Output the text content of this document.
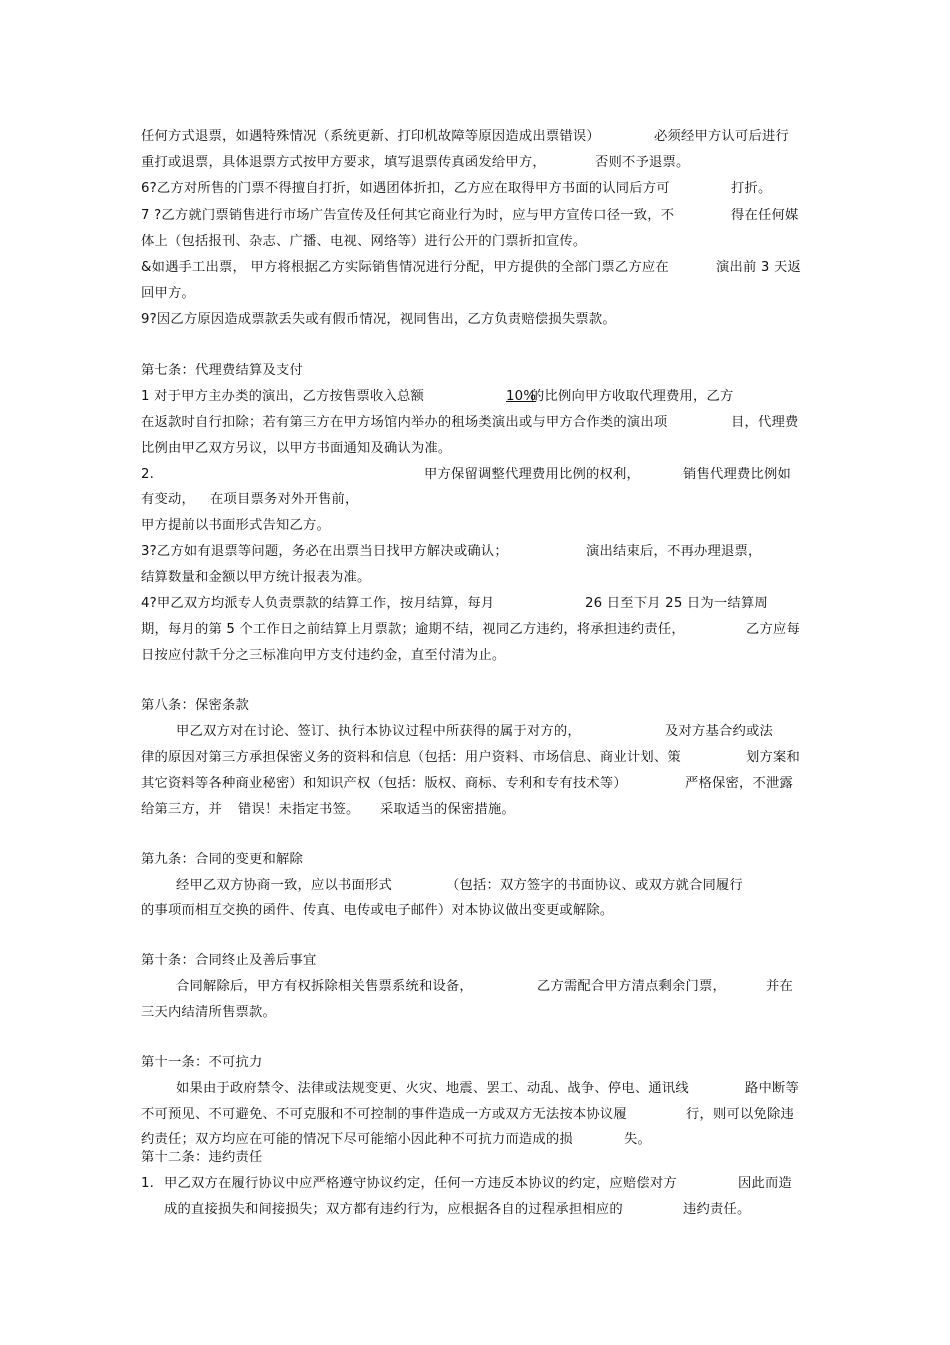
任何方式退票，如遇特殊情况（系统更新、打印机故障等原因造成出票错误）	必须经甲方认可后进行
重打或退票，具体退票方式按甲方要求，填写退票传真函发给甲方，	否则不予退票。
6?乙方对所售的门票不得擅自打折，如遇团体折扣，乙方应在取得甲方书面的认同后方可	打折。
7 ?乙方就门票销售进行市场广告宣传及任何其它商业行为时，应与甲方宣传口径一致，不	得在任何媒
体上（包括报刊、杂志、广播、电视、网络等）进行公开的门票折扣宣传。
&如遇手工出票， 甲方将根据乙方实际销售情况进行分配，甲方提供的全部门票乙方应在	演出前 3 天返
回甲方。
9?因乙方原因造成票款丢失或有假币情况，视同售出，乙方负责赔偿损失票款。
第七条：代理费结算及支付
1 对于甲方主办类的演出，乙方按售票收入总额	10%
的比例向甲方收取代理费用，乙方
在返款时自行扣除；若有第三方在甲方场馆内举办的租场类演出或与甲方合作类的演出项	目，代理费
比例由甲乙双方另议，以甲方书面通知及确认为准。
2.	甲方保留调整代理费用比例的权利，	销售代理费比例如
有变动， 在项目票务对外开售前，
甲方提前以书面形式告知乙方。
3?乙方如有退票等问题，务必在出票当日找甲方解决或确认；	演出结束后，不再办理退票，
结算数量和金额以甲方统计报表为准。
4?甲乙双方均派专人负责票款的结算工作，按月结算，每月	26 日至下月 25 日为一结算周
期，每月的第 5 个工作日之前结算上月票款；逾期不结，视同乙方违约，将承担违约责任，	乙方应每
日按应付款千分之三标准向甲方支付违约金，直至付清为止。
第八条：保密条款
甲乙双方对在讨论、签订、执行本协议过程中所获得的属于对方的，	及对方基合约或法
律的原因对第三方承担保密义务的资料和信息（包括：用户资料、市场信息、商业计划、策	划方案和
其它资料等各种商业秘密）和知识产权（包括：版权、商标、专利和专有技术等）	严格保密，不泄露
给第三方，并 错误！未指定书签。 采取适当的保密措施。
第九条：合同的变更和解除
经甲乙双方协商一致，应以书面形式	（包括：双方签字的书面协议、或双方就合同履行
的事项而相互交换的函件、传真、电传或电子邮件）对本协议做出变更或解除。
第十条：合同终止及善后事宜
合同解除后，甲方有权拆除相关售票系统和设备，	乙方需配合甲方清点剩余门票，	并在
三天内结清所售票款。
第十一条：不可抗力
如果由于政府禁令、法律或法规变更、火灾、地震、罢工、动乱、战争、停电、通讯线	路中断等
不可预见、不可避免、不可克服和不可控制的事件造成一方或双方无法按本协议履	行，则可以免除违
约责任；双方均应在可能的情况下尽可能缩小因此种不可抗力而造成的损	失。
第十二条：违约责任
1. 甲乙双方在履行协议中应严格遵守协议约定，任何一方违反本协议的约定，应赔偿对方	因此而造
成的直接损失和间接损失；双方都有违约行为，应根据各自的过程承担相应的	违约责任。
